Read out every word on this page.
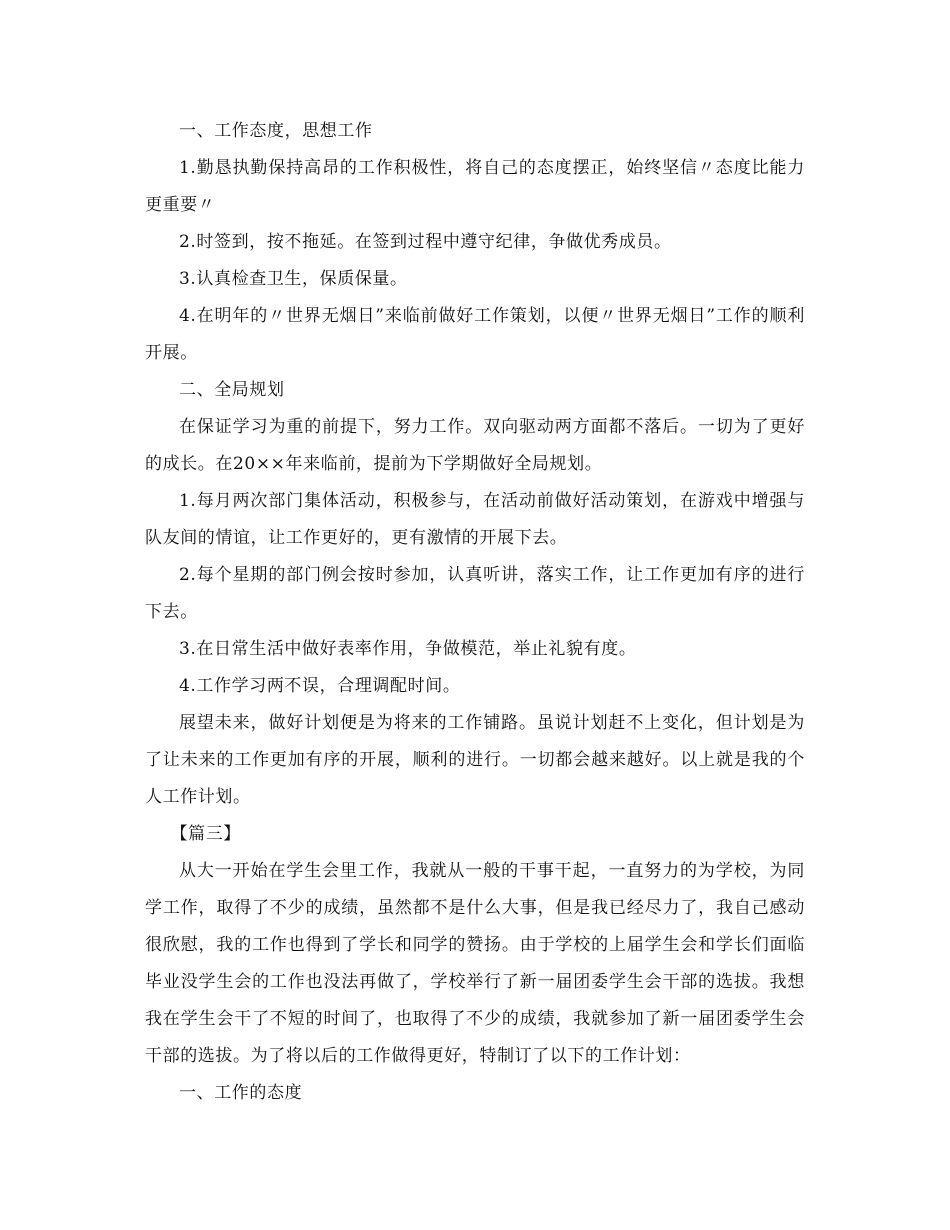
一、工作态度，思想工作

1.勤恳执勤保持高昂的工作积极性，将自己的态度摆正，始终坚信〃态度比能力更重要〃

2.时签到，按不拖延。在签到过程中遵守纪律，争做优秀成员。

3.认真检查卫生，保质保量。

4.在明年的〃世界无烟日”来临前做好工作策划，以便〃世界无烟日”工作的顺利开展。

二、全局规划

在保证学习为重的前提下，努力工作。双向驱动两方面都不落后。一切为了更好的成长。在20××年来临前，提前为下学期做好全局规划。

1.每月两次部门集体活动，积极参与，在活动前做好活动策划，在游戏中增强与队友间的情谊，让工作更好的，更有激情的开展下去。

2.每个星期的部门例会按时参加，认真听讲，落实工作，让工作更加有序的进行下去。

3.在日常生活中做好表率作用，争做模范，举止礼貌有度。

4.工作学习两不误，合理调配时间。

展望未来，做好计划便是为将来的工作铺路。虽说计划赶不上变化，但计划是为了让未来的工作更加有序的开展，顺利的进行。一切都会越来越好。以上就是我的个人工作计划。

【篇三】

从大一开始在学生会里工作，我就从一般的干事干起，一直努力的为学校，为同学工作，取得了不少的成绩，虽然都不是什么大事，但是我已经尽力了，我自己感动很欣慰，我的工作也得到了学长和同学的赞扬。由于学校的上届学生会和学长们面临毕业没学生会的工作也没法再做了，学校举行了新一届团委学生会干部的选拔。我想我在学生会干了不短的时间了，也取得了不少的成绩，我就参加了新一届团委学生会干部的选拔。为了将以后的工作做得更好，特制订了以下的工作计划：

一、工作的态度
